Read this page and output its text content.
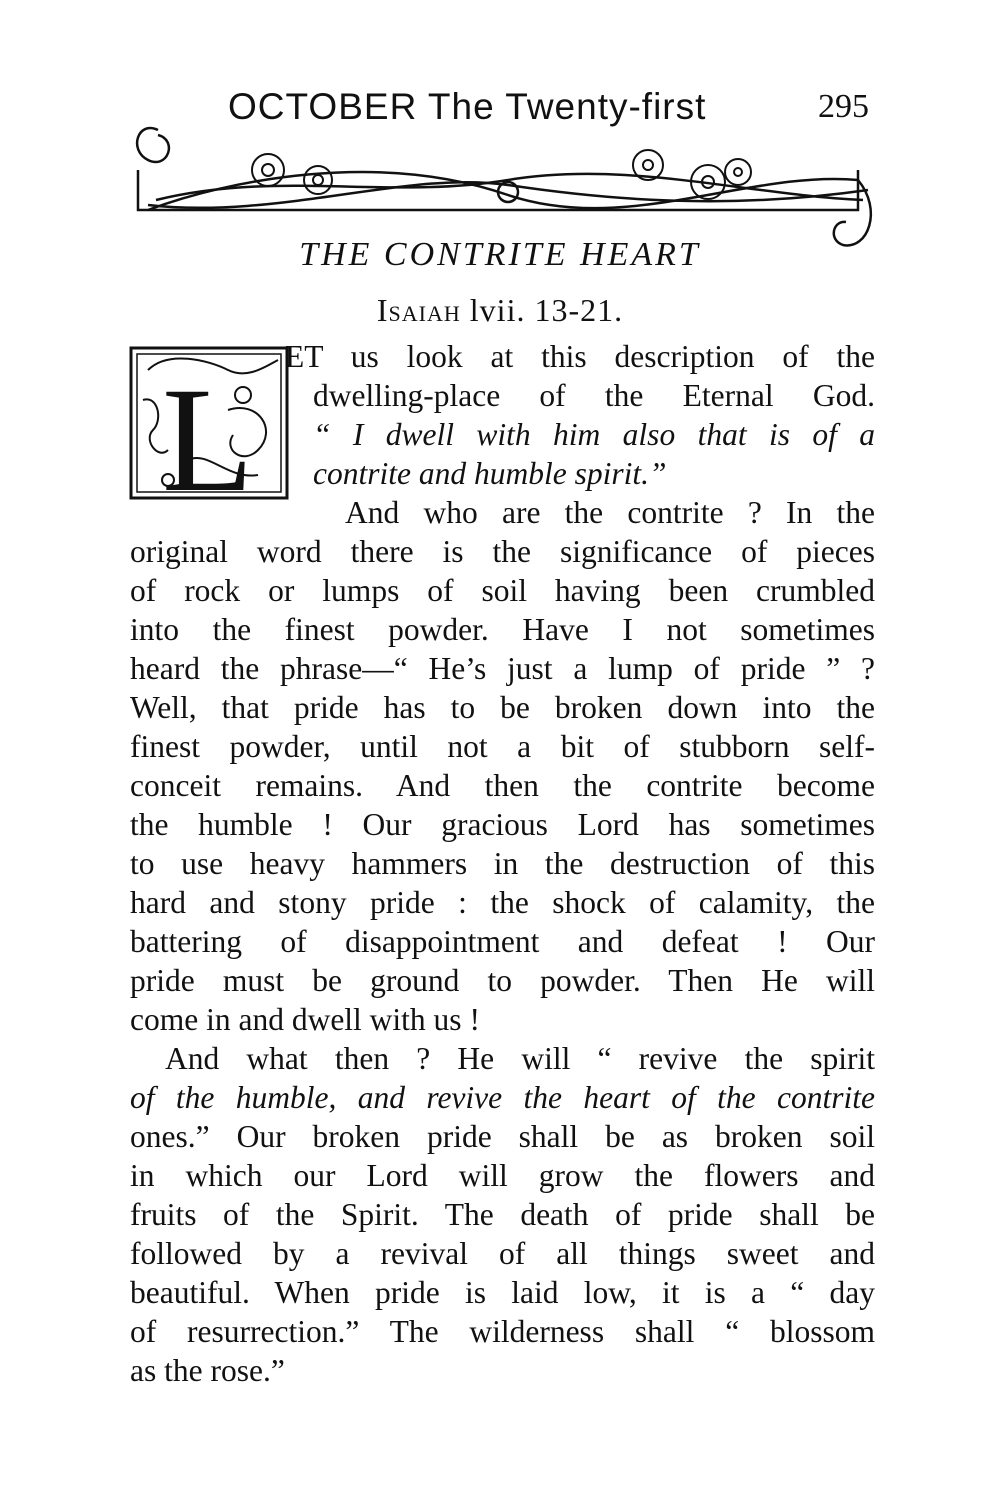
OCTOBER The Twenty-first	295
THE CONTRITE HEART
Isaiah lvii. 13-21.
L
ET us look at this description of the
dwelling-place of the Eternal God.
“ I dwell with him also that is of a
contrite and humble spirit.”
And who are the contrite ? In the
original word there is the significance of pieces
of rock or lumps of soil having been crumbled
into the finest powder. Have I not sometimes
heard the phrase—“ He’s just a lump of pride ” ?
Well, that pride has to be broken down into the
finest powder, until not a bit of stubborn self-
conceit remains. And then the contrite become
the humble ! Our gracious Lord has sometimes
to use heavy hammers in the destruction of this
hard and stony pride : the shock of calamity, the
battering of disappointment and defeat ! Our
pride must be ground to powder. Then He will
come in and dwell with us !
And what then ? He will “ revive the spirit
of the humble, and revive the heart of the contrite
ones.” Our broken pride shall be as broken soil
in which our Lord will grow the flowers and
fruits of the Spirit. The death of pride shall be
followed by a revival of all things sweet and
beautiful. When pride is laid low, it is a “ day
of resurrection.” The wilderness shall “ blossom
as the rose.”
